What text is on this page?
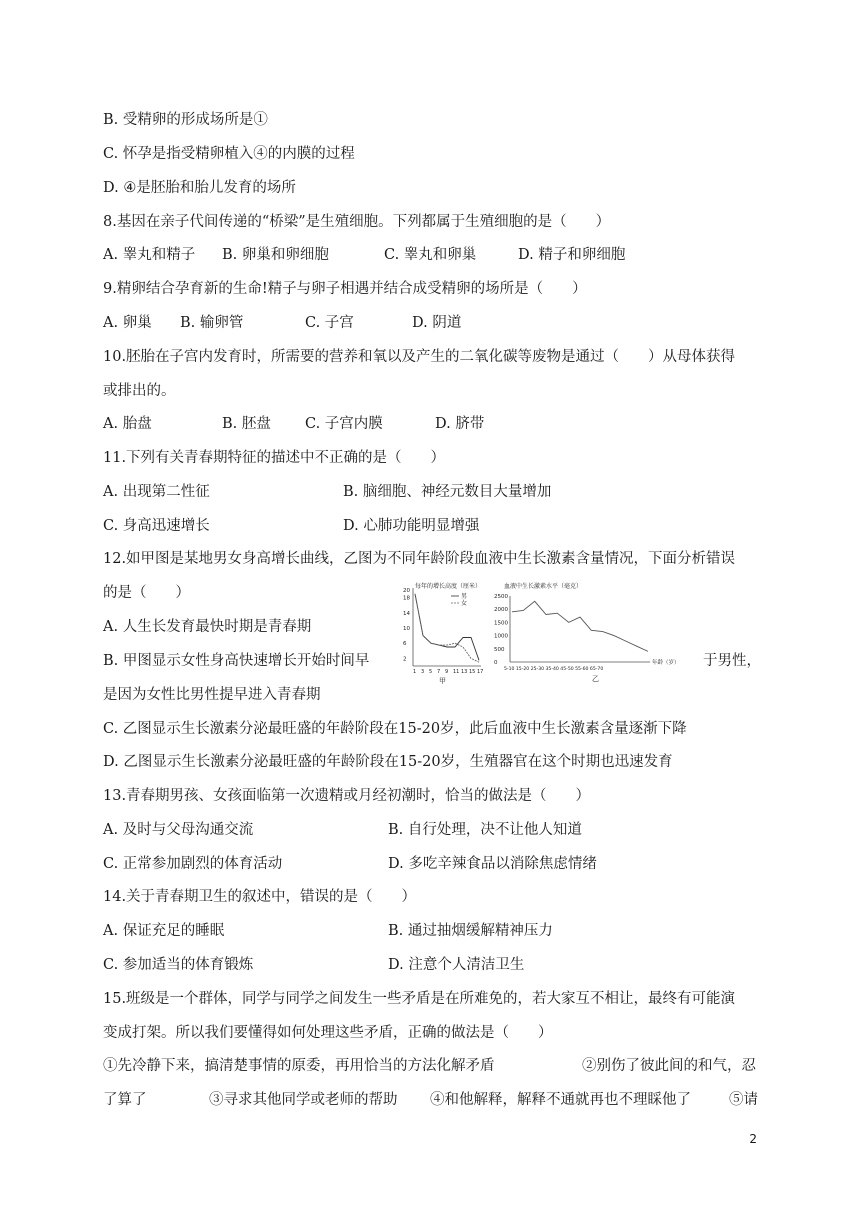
B. 受精卵的形成场所是①
C. 怀孕是指受精卵植入④的内膜的过程
D. ④是胚胎和胎儿发育的场所
8.基因在亲子代间传递的“桥梁”是生殖细胞。下列都属于生殖细胞的是（　　）
A. 睾丸和精子 B. 卵巢和卵细胞	C. 睾丸和卵巢	D. 精子和卵细胞
9.精卵结合孕育新的生命!精子与卵子相遇并结合成受精卵的场所是（　　）
A. 卵巢 B. 输卵管	C. 子宫	D. 阴道
10.胚胎在子宫内发育时，所需要的营养和氧以及产生的二氧化碳等废物是通过（　　）从母体获得
或排出的。
A. 胎盘	B. 胚盘 C. 子宫内膜	D. 脐带
11.下列有关青春期特征的描述中不正确的是（　　）
A. 出现第二性征	B. 脑细胞、神经元数目大量增加
C. 身高迅速增长	D. 心肺功能明显增强
12.如甲图是某地男女身高增长曲线，乙图为不同年龄阶段血液中生长激素含量情况，下面分析错误
的是（　　）
A. 人生长发育最快时期是青春期
B. 甲图显示女性身高快速增长开始时间早	于男性，
是因为女性比男性提早进入青春期
每年的增长高度（厘米）
2
6
10
14
18
20
1 3 5 7 9 11 13 15 17
男
女
甲
血液中生长激素水平（毫克）
0
500
1000
1500
2000
2500
5-10 15-20 25-30 35-40 45-50 55-60 65-70
年龄（岁）
乙
C. 乙图显示生长激素分泌最旺盛的年龄阶段在15-20岁，此后血液中生长激素含量逐渐下降
D. 乙图显示生长激素分泌最旺盛的年龄阶段在15-20岁，生殖器官在这个时期也迅速发育
13.青春期男孩、女孩面临第一次遗精或月经初潮时，恰当的做法是（　　）
A. 及时与父母沟通交流	B. 自行处理，决不让他人知道
C. 正常参加剧烈的体育活动	D. 多吃辛辣食品以消除焦虑情绪
14.关于青春期卫生的叙述中，错误的是（　　）
A. 保证充足的睡眠	B. 通过抽烟缓解精神压力
C. 参加适当的体育锻炼	D. 注意个人清洁卫生
15.班级是一个群体，同学与同学之间发生一些矛盾是在所难免的，若大家互不相让，最终有可能演
变成打架。所以我们要懂得如何处理这些矛盾，正确的做法是（　　）
①先冷静下来，搞清楚事情的原委，再用恰当的方法化解矛盾	②别伤了彼此间的和气，忍
了算了	③寻求其他同学或老师的帮助 ④和他解释，解释不通就再也不理睬他了	⑤请
2
